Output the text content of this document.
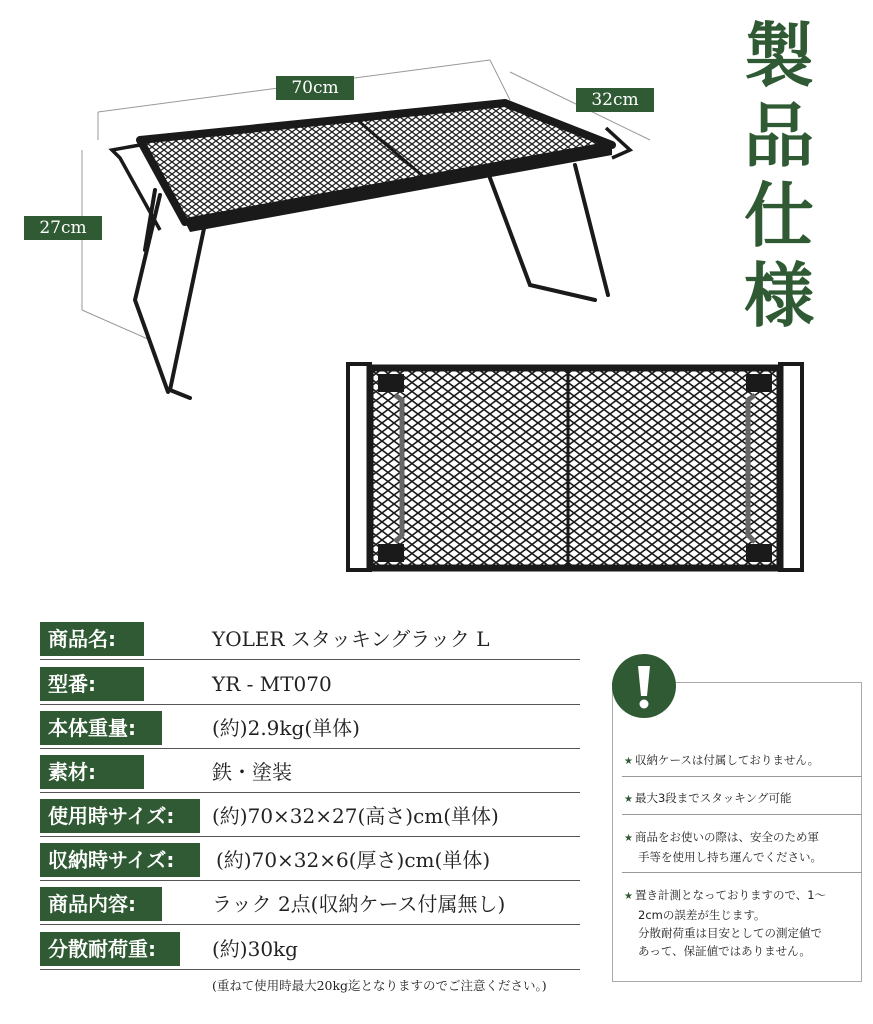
製
品
仕
様
70cm
32cm
27cm
商品名:	YOLER スタッキングラック L
型番:	YR - MT070
本体重量:	(約)2.9kg(単体)
素材:	鉄・塗装
使用時サイズ:	(約)70×32×27(高さ)cm(単体)
収納時サイズ:	(約)70×32×6(厚さ)cm(単体)
商品内容:	ラック 2点(収納ケース付属無し)
分散耐荷重:	(約)30kg
(重ねて使用時最大20kg迄となりますのでご注意ください。)
★ 収納ケースは付属しておりません。
★ 最大3段までスタッキング可能
★ 商品をお使いの際は、安全のため軍
手等を使用し持ち運んでください。
★ 置き計測となっておりますので、1～
2cmの誤差が生じます。
分散耐荷重は目安としての測定値で
あって、保証値ではありません。
